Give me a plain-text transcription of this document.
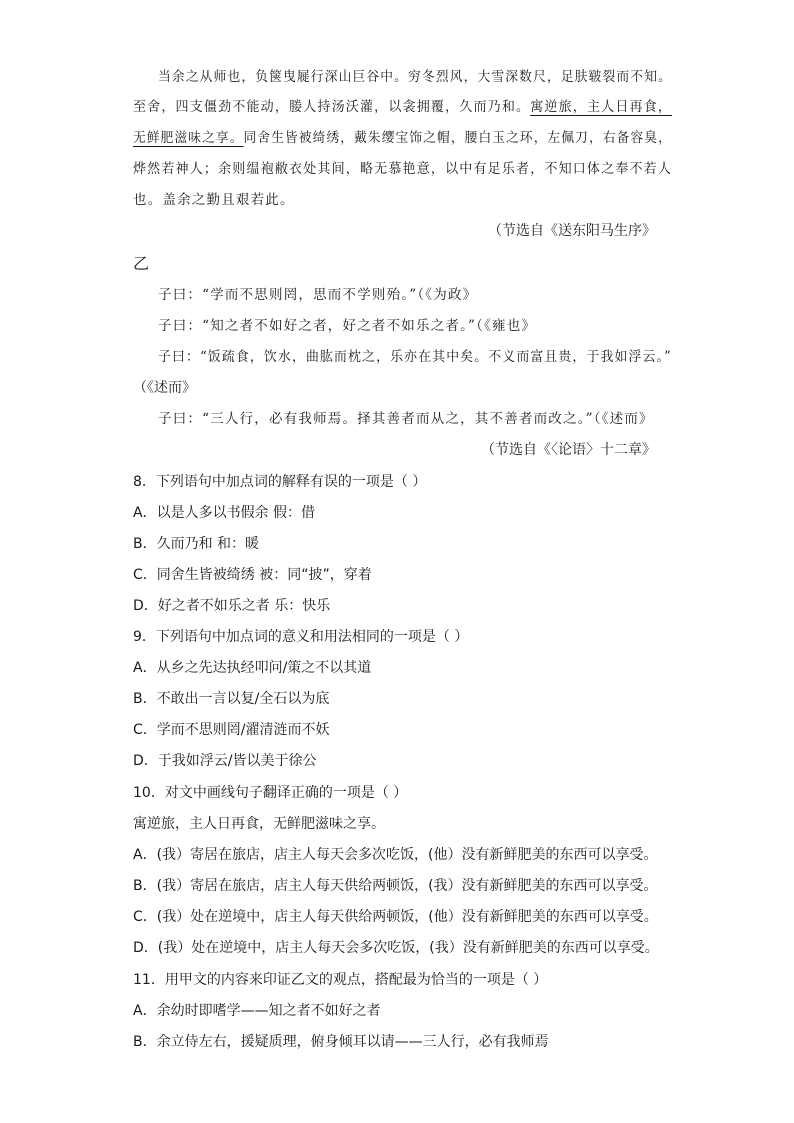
当余之从师也，负箧曳屣行深山巨谷中。穷冬烈风，大雪深数尺，足肤皲裂而不知。
至舍，四支僵劲不能动，媵人持汤沃灌，以衾拥覆，久而乃和。寓逆旅，主人日再食，
无鲜肥滋味之享。同舍生皆被绮绣，戴朱缨宝饰之帽，腰白玉之环，左佩刀，右备容臭，
烨然若神人；余则缊袍敝衣处其间，略无慕艳意，以中有足乐者，不知口体之奉不若人
也。盖余之勤且艰若此。
（节选自《送东阳马生序》
乙
子曰：“学而不思则罔，思而不学则殆。”（《为政》
子曰：“知之者不如好之者，好之者不如乐之者。”（《雍也》
子曰：“饭疏食，饮水，曲肱而枕之，乐亦在其中矣。不义而富且贵，于我如浮云。”
（《述而》
子曰：“三人行，必有我师焉。择其善者而从之，其不善者而改之。”（《述而》
（节选自《〈论语〉十二章》
8．下列语句中加点词的解释有误的一项是（ ）
A．以是人多以书假余 假：借
B．久而乃和 和：暖
C．同舍生皆被绮绣 被：同“披”，穿着
D．好之者不如乐之者 乐：快乐
9．下列语句中加点词的意义和用法相同的一项是（ ）
A．从乡之先达执经叩问/策之不以其道
B．不敢出一言以复/全石以为底
C．学而不思则罔/濯清涟而不妖
D．于我如浮云/皆以美于徐公
10．对文中画线句子翻译正确的一项是（ ）
寓逆旅，主人日再食，无鲜肥滋味之享。
A．(我）寄居在旅店，店主人每天会多次吃饭，(他）没有新鲜肥美的东西可以享受。
B．(我）寄居在旅店，店主人每天供给两顿饭，(我）没有新鲜肥美的东西可以享受。
C．(我）处在逆境中，店主人每天供给两顿饭，(他）没有新鲜肥美的东西可以享受。
D．(我）处在逆境中，店主人每天会多次吃饭，(我）没有新鲜肥美的东西可以享受。
11．用甲文的内容来印证乙文的观点，搭配最为恰当的一项是（ ）
A．余幼时即嗜学——知之者不如好之者
B．余立侍左右，援疑质理，俯身倾耳以请——三人行，必有我师焉
